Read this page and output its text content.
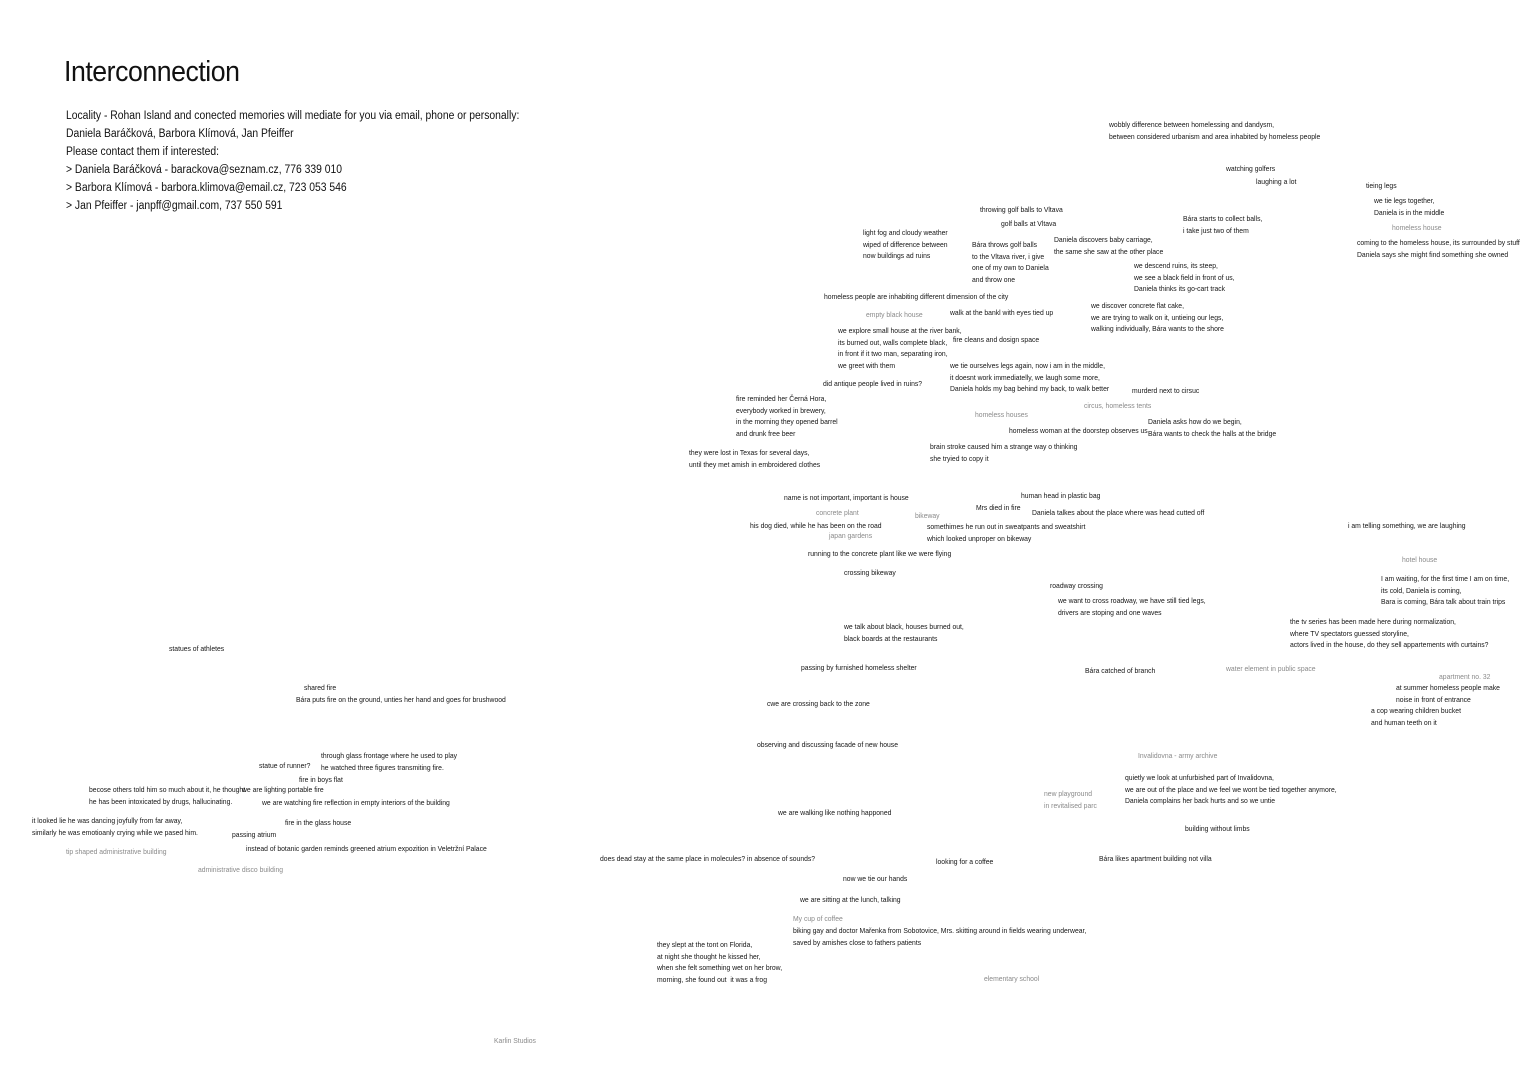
Interconnection
Locality - Rohan Island and conected memories will mediate for you via email, phone or personally:
Daniela Baráčková, Barbora Klímová, Jan Pfeiffer
Please contact them if interested:
> Daniela Baráčková - barackova@seznam.cz, 776 339 010
> Barbora Klímová - barbora.klimova@email.cz, 723 053 546
> Jan Pfeiffer - janpff@gmail.com, 737 550 591
wobbly difference between homelessing and dandysm,
between considered urbanism and area inhabited by homeless people
watching golfers
laughing a lot	tieing legs
we tie legs together,
Daniela is in the middle
homeless house
coming to the homeless house, its surrounded by stuff
Daniela says she might find something she owned
throwing golf balls to Vltava
golf balls at Vltava
Bára starts to collect balls,
i take just two of them
light fog and cloudy weather
wiped of difference between
now buildings ad ruins
Bára throws golf balls
to the Vltava river, i give
one of my own to Daniela
and throw one
Daniela discovers baby carriage,
the same she saw at the other place
we descend ruins, its steep,
we see a black field in front of us,
Daniela thinks its go-cart track
homeless people are inhabiting different dimension of the city
we discover concrete flat cake,
we are trying to walk on it, untieing our legs,
walking individually, Bára wants to the shore
empty black house	walk at the bankl with eyes tied up
we explore small house at the river bank,
its burned out, walls complete black,
in front if it two man, separating iron,
we greet with them
fire cleans and dosign space
we tie ourselves legs again, now i am in the middle,
it doesnt work immediatelly, we laugh some more,
Daniela holds my bag behind my back, to walk better
did antique people lived in ruins?
murderd next to cirsuc
fire reminded her Černá Hora,
everybody worked in brewery,
in the morning they opened barrel
and drunk free beer
circus, homeless tents
homeless houses
Daniela asks how do we begin,
Bára wants to check the halls at the bridge
homeless woman at the doorstep observes us
brain stroke caused him a strange way o thinking
she tryied to copy it
they were lost in Texas for several days,
until they met amish in embroidered clothes
human head in plastic bag
name is not important, important is house
Mrs died in fire
Daniela talkes about the place where was head cutted off
concrete plant	bikeway
his dog died, while he has been on the road	somethimes he run out in sweatpants and sweatshirt
which looked unproper on bikeway
i am telling something, we are laughing
japan gardens
running to the concrete plant like we were flying
hotel house
crossing bikeway
I am waiting, for the first time I am on time,
its cold, Daniela is coming,
Bara is coming, Bára talk about train trips
roadway crossing
we want to cross roadway, we have still tied legs,
drivers are stoping and one waves
the tv series has been made here during normalization,
where TV spectators guessed storyline,
actors lived in the house, do they sell appartements with curtains?
we talk about black, houses burned out,
black boards at the restaurants
statues of athletes
passing by furnished homeless shelter	Bára catched of branch	water element in public space
apartment no. 32
at summer homeless people make
noise in front of entrance
shared fire
Bára puts fire on the ground, unties her hand and goes for brushwood	cwe are crossing back to the zone
a cop wearing children bucket
and human teeth on it
observing and discussing facade of new house
Invalidovna - army archive
through glass frontage where he used to play
he watched three figures transmiting fire.
statue of runner?
fire in boys flat	quietly we look at unfurbished part of Invalidovna,
we are out of the place and we feel we wont be tied together anymore,
Daniela complains her back hurts and so we untie
becose others told him so much about it, he thought
he has been intoxicated by drugs, hallucinating.
we are lighting portable fire
we are watching fire reflection in empty interiors of the building
new playground
in revitalised parc
we are walking like nothing happoned
it looked lie he was dancing joyfully from far away,
similarly he was emotioanly crying while we pased him.
fire in the glass house
building without limbs
passing atrium
instead of botanic garden reminds greened atrium expozition in Veletržní Palace
tip shaped administrative building
does dead stay at the same place in molecules? in absence of sounds?	looking for a coffee	Bára likes apartment building not villa
administrative disco building
now we tie our hands
we are sitting at the lunch, talking
My cup of coffee
biking gay and doctor Mařenka from Sobotovice, Mrs. skitting around in fields wearing underwear,
saved by amishes close to fathers patients
they slept at the tont on Florida,
at night she thought he kissed her,
when she felt something wet on her brow,
morning, she found out  it was a frog	elementary school
Karlin Studios
